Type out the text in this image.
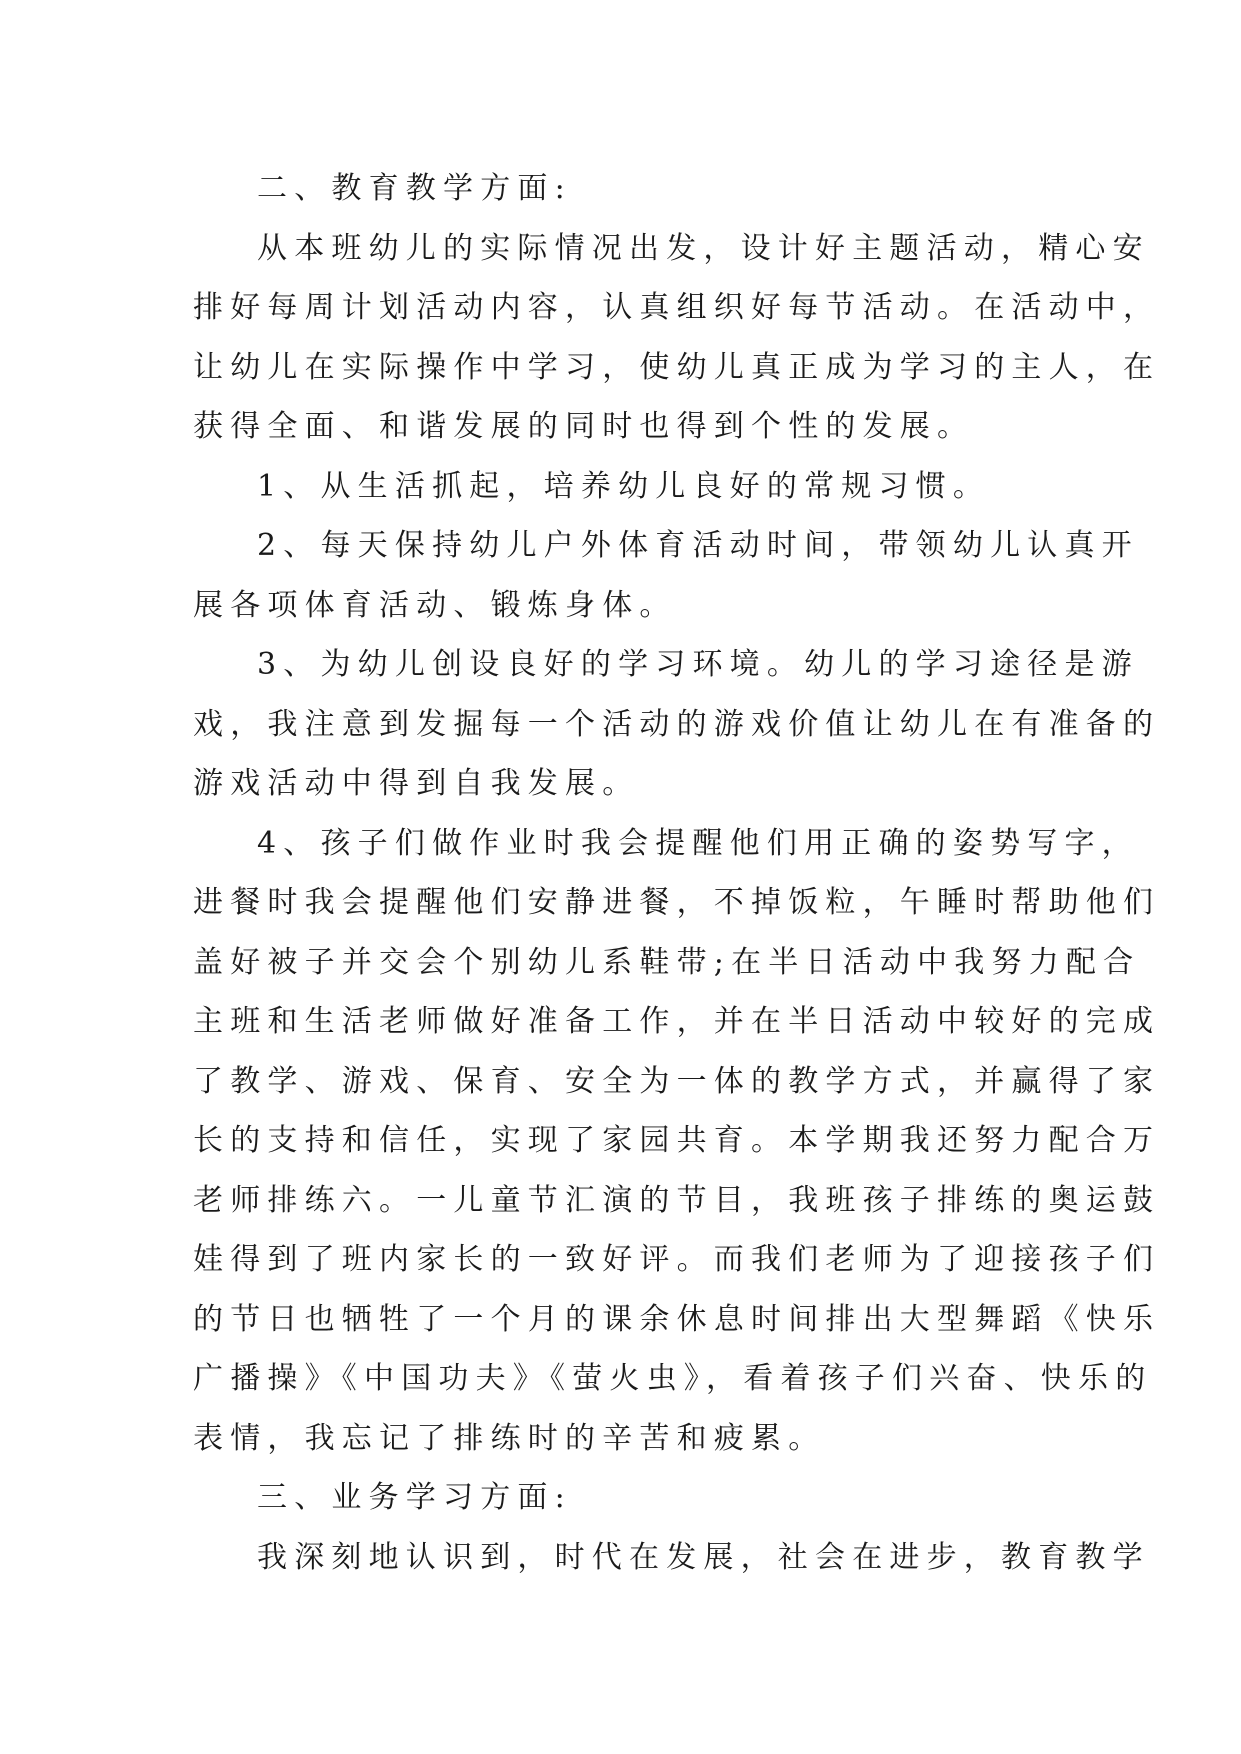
二、教育教学方面:
从本班幼儿的实际情况出发，设计好主题活动，精心安
排好每周计划活动内容，认真组织好每节活动。在活动中，
让幼儿在实际操作中学习，使幼儿真正成为学习的主人，在
获得全面、和谐发展的同时也得到个性的发展。
1、从生活抓起，培养幼儿良好的常规习惯。
2、每天保持幼儿户外体育活动时间，带领幼儿认真开
展各项体育活动、锻炼身体。
3、为幼儿创设良好的学习环境。幼儿的学习途径是游
戏，我注意到发掘每一个活动的游戏价值让幼儿在有准备的
游戏活动中得到自我发展。
4、孩子们做作业时我会提醒他们用正确的姿势写字，
进餐时我会提醒他们安静进餐，不掉饭粒，午睡时帮助他们
盖好被子并交会个别幼儿系鞋带;在半日活动中我努力配合
主班和生活老师做好准备工作，并在半日活动中较好的完成
了教学、游戏、保育、安全为一体的教学方式，并赢得了家
长的支持和信任，实现了家园共育。本学期我还努力配合万
老师排练六。一儿童节汇演的节目，我班孩子排练的奥运鼓
娃得到了班内家长的一致好评。而我们老师为了迎接孩子们
的节日也牺牲了一个月的课余休息时间排出大型舞蹈《快乐
广播操》《中国功夫》《萤火虫》，看着孩子们兴奋、快乐的
表情，我忘记了排练时的辛苦和疲累。
三、业务学习方面:
我深刻地认识到，时代在发展，社会在进步，教育教学
